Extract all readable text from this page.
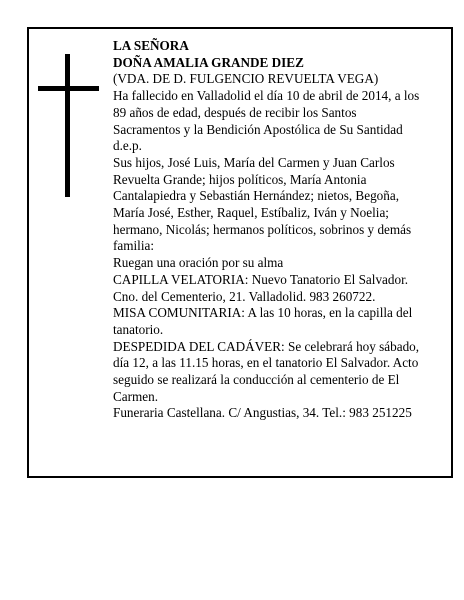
LA SEÑORA

DOÑA AMALIA GRANDE DIEZ

(VDA. DE D. FULGENCIO REVUELTA VEGA)

Ha fallecido en Valladolid el día 10 de abril de 2014, a los 89 años de edad, después de recibir los Santos Sacramentos y la Bendición Apostólica de Su Santidad d.e.p.

Sus hijos, José Luis, María del Carmen y Juan Carlos Revuelta Grande; hijos políticos, María Antonia Cantalapiedra y Sebastián Hernández; nietos, Begoña, María José, Esther, Raquel, Estíbaliz, Iván y Noelia; hermano, Nicolás; hermanos políticos, sobrinos y demás familia:

Ruegan una oración por su alma

CAPILLA VELATORIA: Nuevo Tanatorio El Salvador. Cno. del Cementerio, 21. Valladolid. 983 260722.

MISA COMUNITARIA: A las 10 horas, en la capilla del tanatorio.

DESPEDIDA DEL CADÁVER: Se celebrará hoy sábado, día 12, a las 11.15 horas, en el tanatorio El Salvador. Acto seguido se realizará la conducción al cementerio de El Carmen.

Funeraria Castellana. C/ Angustias, 34. Tel.: 983 251225
